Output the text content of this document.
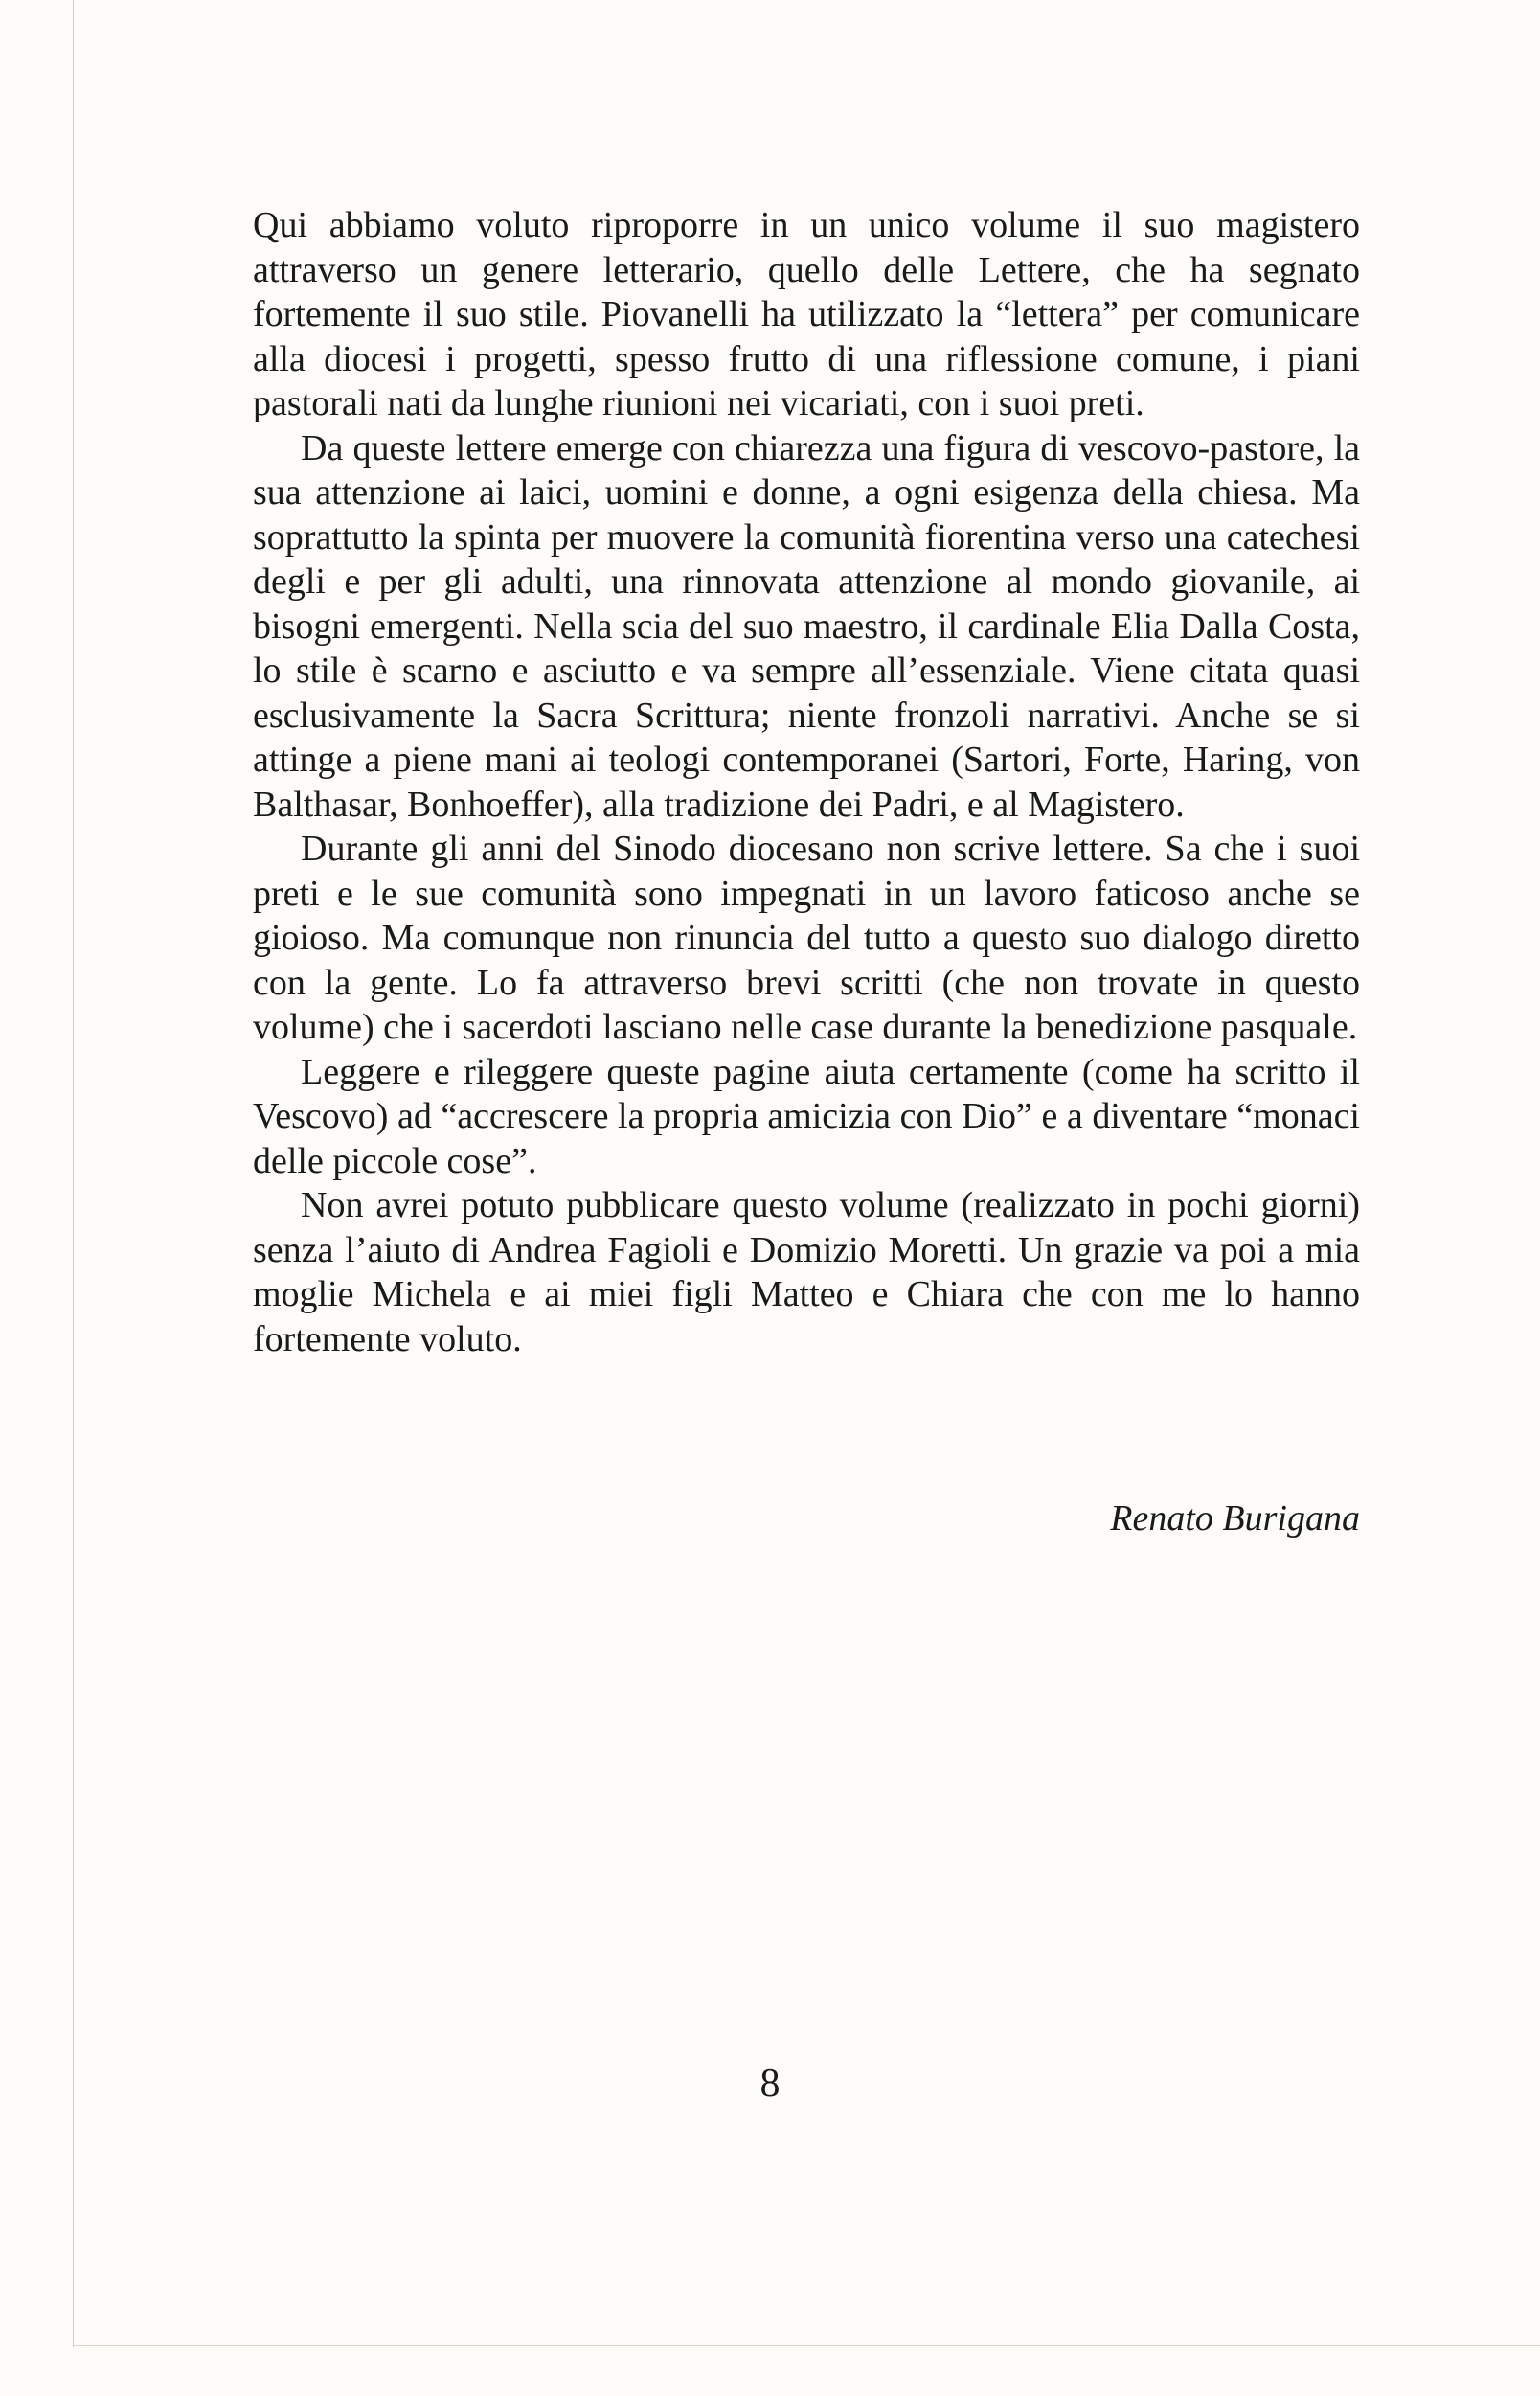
Qui abbiamo voluto riproporre in un unico volume il suo magistero attraverso un genere letterario, quello delle Lettere, che ha segnato fortemente il suo stile. Piovanelli ha utilizzato la “lettera” per comunicare alla diocesi i progetti, spesso frutto di una riflessione comune, i piani pastorali nati da lunghe riunioni nei vicariati, con i suoi preti.

Da queste lettere emerge con chiarezza una figura di vescovo-pastore, la sua attenzione ai laici, uomini e donne, a ogni esigenza della chiesa. Ma soprattutto la spinta per muovere la comunità fiorentina verso una catechesi degli e per gli adulti, una rinnovata attenzione al mondo giovanile, ai bisogni emergenti. Nella scia del suo maestro, il cardinale Elia Dalla Costa, lo stile è scarno e asciutto e va sempre all’essenziale. Viene citata quasi esclusivamente la Sacra Scrittura; niente fronzoli narrativi. Anche se si attinge a piene mani ai teologi contemporanei (Sartori, Forte, Haring, von Balthasar, Bonhoeffer), alla tradizione dei Padri, e al Magistero.

Durante gli anni del Sinodo diocesano non scrive lettere. Sa che i suoi preti e le sue comunità sono impegnati in un lavoro faticoso anche se gioioso. Ma comunque non rinuncia del tutto a questo suo dialogo diretto con la gente. Lo fa attraverso brevi scritti (che non trovate in questo volume) che i sacerdoti lasciano nelle case durante la benedizione pasquale.

Leggere e rileggere queste pagine aiuta certamente (come ha scritto il Vescovo) ad “accrescere la propria amicizia con Dio” e a diventare “monaci delle piccole cose”.

Non avrei potuto pubblicare questo volume (realizzato in pochi giorni) senza l’aiuto di Andrea Fagioli e Domizio Moretti. Un grazie va poi a mia moglie Michela e ai miei figli Matteo e Chiara che con me lo hanno fortemente voluto.

Renato Burigana
8
